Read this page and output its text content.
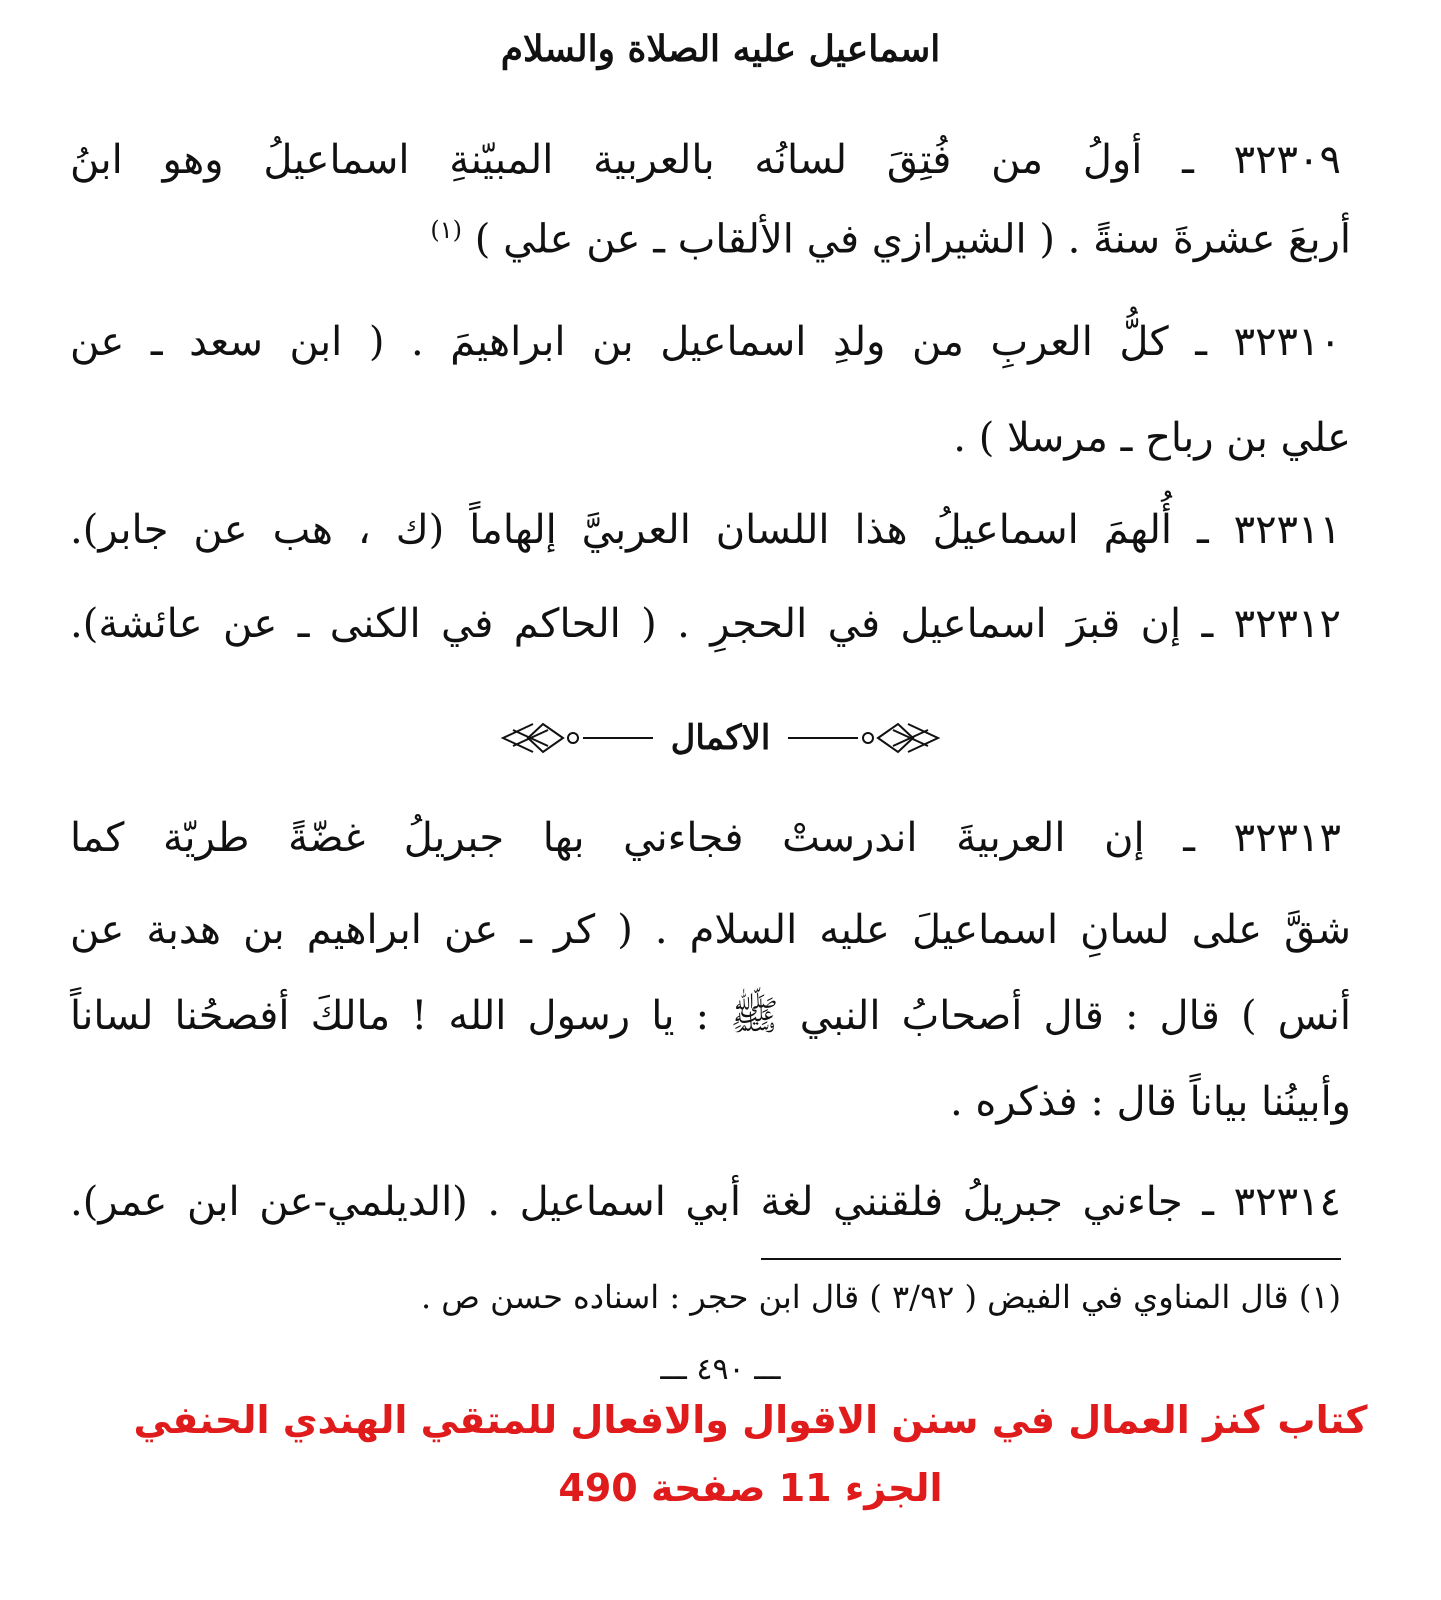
اسماعيل عليه الصلاة والسلام
٣٢٣٠٩ ـ أولُ من فُتِقَ لسانُه بالعربية المبيّنةِ اسماعيلُ وهو ابنُ
أربعَ عشرةَ سنةً . ( الشيرازي في الألقاب ـ عن علي ) $^{(١)}$
٣٢٣١٠ ـ كلُّ العربِ من ولدِ اسماعيل بن ابراهيمَ . ( ابن سعد ـ عن
علي بن رباح ـ مرسلا ) .
٣٢٣١١ ـ أُلهمَ اسماعيلُ هذا اللسان العربيَّ إلهاماً (ك ، هب عن جابر).
٣٢٣١٢ ـ إن قبرَ اسماعيل في الحجرِ . ( الحاكم في الكنى ـ عن عائشة).
الاكمال
٣٢٣١٣ ـ إن العربيةَ اندرستْ فجاءني بها جبريلُ غضّةً طريّة كما
شقَّ على لسانِ اسماعيلَ عليه السلام . ( كر ـ عن ابراهيم بن هدبة عن
أنس ) قال : قال أصحابُ النبي ﷺ : يا رسول الله ! مالكَ أفصحُنا لساناً
وأبينُنا بياناً قال : فذكره .
٣٢٣١٤ ـ جاءني جبريلُ فلقنني لغة أبي اسماعيل . (الديلمي-عن ابن عمر).
(١) قال المناوي في الفيض ( ٣/٩٢ ) قال ابن حجر : اسناده حسن ص .
ـــ ٤٩٠ ـــ
كتاب كنز العمال في سنن الاقوال والافعال للمتقي الهندي الحنفي
الجزء 11 صفحة 490
